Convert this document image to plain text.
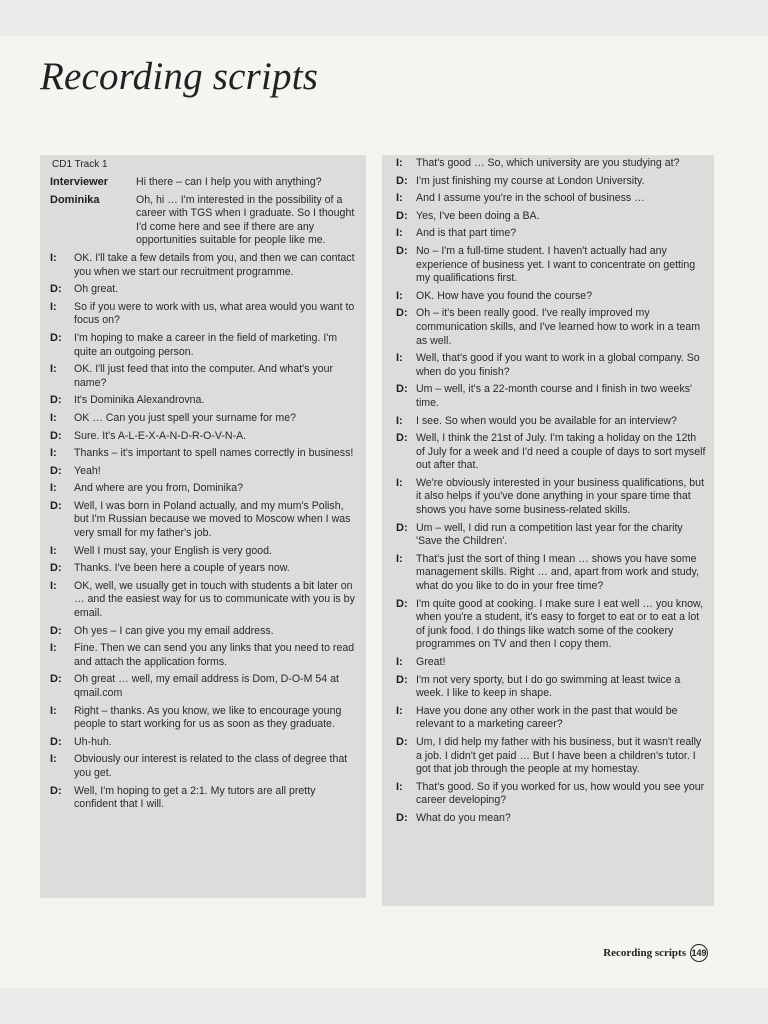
Recording scripts
CD1 Track 1
Interviewer	Hi there – can I help you with anything?
Dominika	Oh, hi … I'm interested in the possibility of a career with TGS when I graduate. So I thought I'd come here and see if there are any opportunities suitable for people like me.
I:	OK. I'll take a few details from you, and then we can contact you when we start our recruitment programme.
D:	Oh great.
I:	So if you were to work with us, what area would you want to focus on?
D:	I'm hoping to make a career in the field of marketing. I'm quite an outgoing person.
I:	OK. I'll just feed that into the computer. And what's your name?
D:	It's Dominika Alexandrovna.
I:	OK … Can you just spell your surname for me?
D:	Sure. It's A-L-E-X-A-N-D-R-O-V-N-A.
I:	Thanks – it's important to spell names correctly in business!
D:	Yeah!
I:	And where are you from, Dominika?
D:	Well, I was born in Poland actually, and my mum's Polish, but I'm Russian because we moved to Moscow when I was very small for my father's job.
I:	Well I must say, your English is very good.
D:	Thanks. I've been here a couple of years now.
I:	OK, well, we usually get in touch with students a bit later on … and the easiest way for us to communicate with you is by email.
D:	Oh yes – I can give you my email address.
I:	Fine. Then we can send you any links that you need to read and attach the application forms.
D:	Oh great … well, my email address is Dom, D-O-M 54 at qmail.com
I:	Right – thanks. As you know, we like to encourage young people to start working for us as soon as they graduate.
D:	Uh-huh.
I:	Obviously our interest is related to the class of degree that you get.
D:	Well, I'm hoping to get a 2:1. My tutors are all pretty confident that I will.
I:	That's good … So, which university are you studying at?
D: I'm just finishing my course at London University.
I:	And I assume you're in the school of business …
D: Yes, I've been doing a BA.
I:	And is that part time?
D: No – I'm a full-time student. I haven't actually had any experience of business yet. I want to concentrate on getting my qualifications first.
I:	OK. How have you found the course?
D: Oh – it's been really good. I've really improved my communication skills, and I've learned how to work in a team as well.
I:	Well, that's good if you want to work in a global company. So when do you finish?
D: Um – well, it's a 22-month course and I finish in two weeks' time.
I:	I see. So when would you be available for an interview?
D: Well, I think the 21st of July. I'm taking a holiday on the 12th of July for a week and I'd need a couple of days to sort myself out after that.
I:	We're obviously interested in your business qualifications, but it also helps if you've done anything in your spare time that shows you have some business-related skills.
D: Um – well, I did run a competition last year for the charity 'Save the Children'.
I:	That's just the sort of thing I mean … shows you have some management skills. Right … and, apart from work and study, what do you like to do in your free time?
D: I'm quite good at cooking. I make sure I eat well … you know, when you're a student, it's easy to forget to eat or to eat a lot of junk food. I do things like watch some of the cookery programmes on TV and then I copy them.
I:	Great!
D: I'm not very sporty, but I do go swimming at least twice a week. I like to keep in shape.
I:	Have you done any other work in the past that would be relevant to a marketing career?
D: Um, I did help my father with his business, but it wasn't really a job. I didn't get paid … But I have been a children's tutor. I got that job through the people at my homestay.
I:	That's good. So if you worked for us, how would you see your career developing?
D: What do you mean?
Recording scripts 149
